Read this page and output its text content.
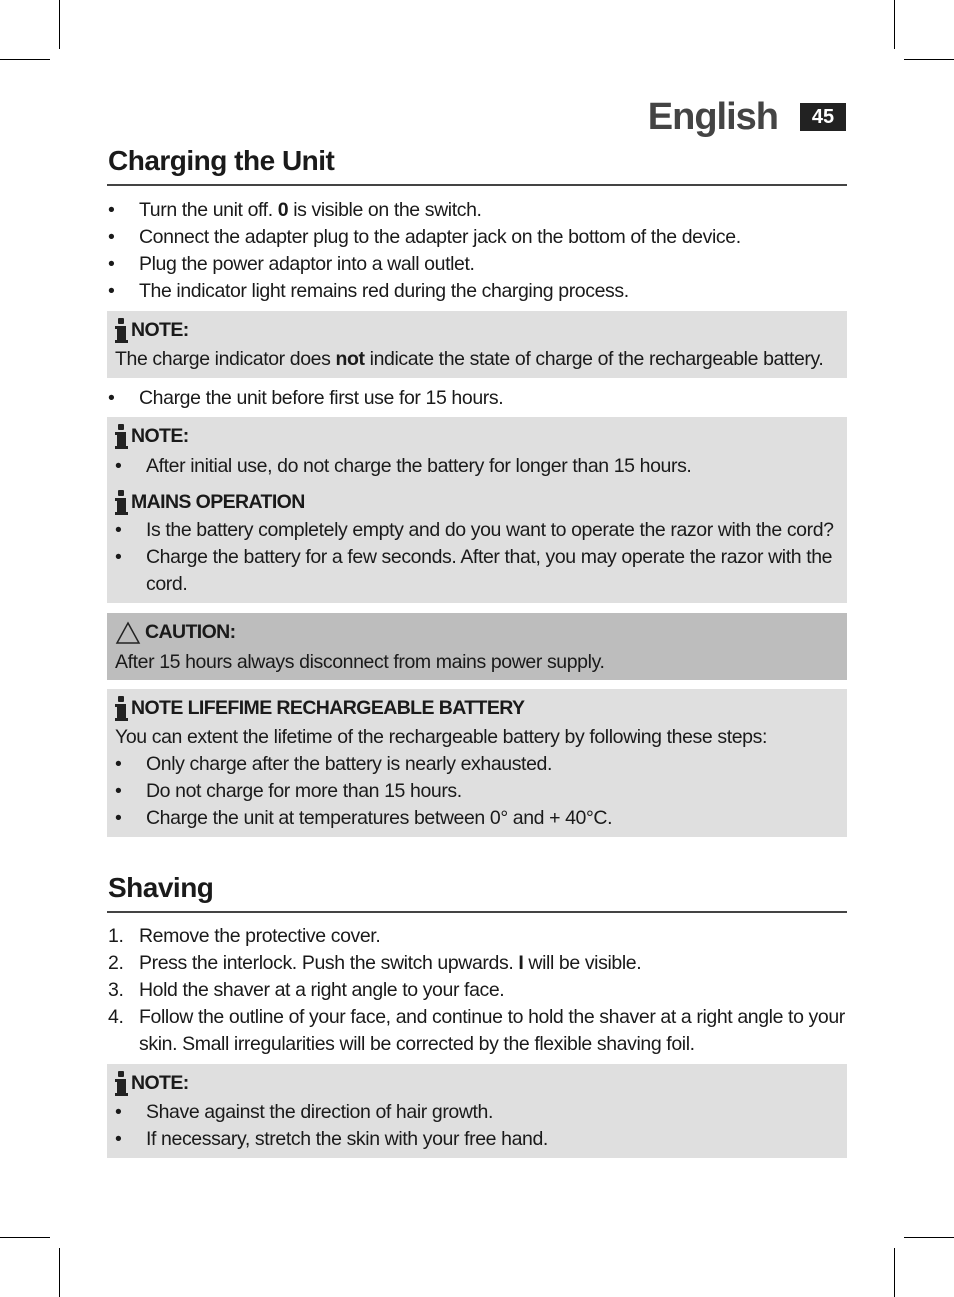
English	45
Charging the Unit
• Turn the unit off. 0 is visible on the switch.
• Connect the adapter plug to the adapter jack on the bottom of the device.
• Plug the power adaptor into a wall outlet.
• The indicator light remains red during the charging process.
NOTE:
The charge indicator does not indicate the state of charge of the rechargeable battery.
• Charge the unit before first use for 15 hours.
NOTE:
• After initial use, do not charge the battery for longer than 15 hours.
MAINS OPERATION
• Is the battery completely empty and do you want to operate the razor with the cord?
• Charge the battery for a few seconds. After that, you may operate the razor with the
cord.
CAUTION:
After 15 hours always disconnect from mains power supply.
NOTE LIFEFIME RECHARGEABLE BATTERY
You can extent the lifetime of the rechargeable battery by following these steps:
• Only charge after the battery is nearly exhausted.
• Do not charge for more than 15 hours.
• Charge the unit at temperatures between 0° and + 40°C.
Shaving
1. Remove the protective cover.
2. Press the interlock. Push the switch upwards. I will be visible.
3. Hold the shaver at a right angle to your face.
4. Follow the outline of your face, and continue to hold the shaver at a right angle to your
skin. Small irregularities will be corrected by the flexible shaving foil.
NOTE:
• Shave against the direction of hair growth.
• If necessary, stretch the skin with your free hand.
